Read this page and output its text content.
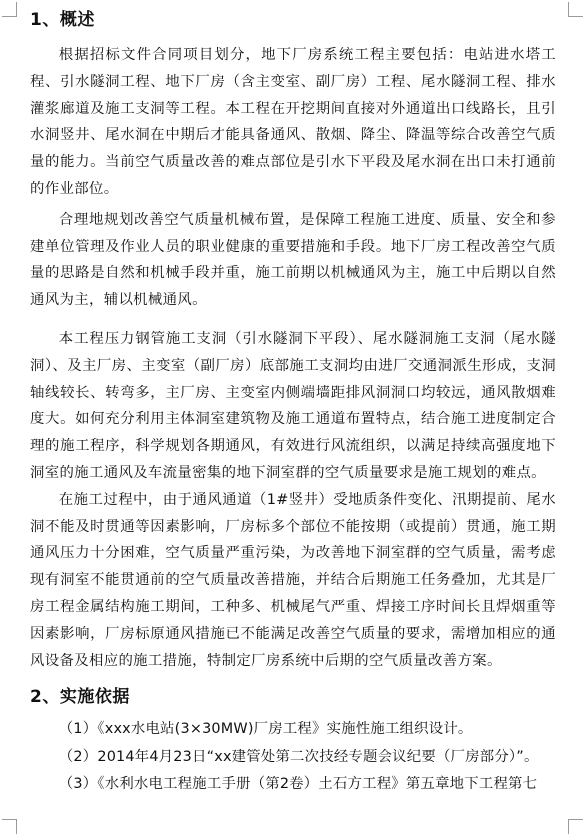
1、概述

根据招标文件合同项目划分，地下厂房系统工程主要包括：电站进水塔工程、引水隧洞工程、地下厂房（含主变室、副厂房）工程、尾水隧洞工程、排水灌浆廊道及施工支洞等工程。本工程在开挖期间直接对外通道出口线路长，且引水洞竖井、尾水洞在中期后才能具备通风、散烟、降尘、降温等综合改善空气质量的能力。当前空气质量改善的难点部位是引水下平段及尾水洞在出口未打通前的作业部位。

合理地规划改善空气质量机械布置，是保障工程施工进度、质量、安全和参建单位管理及作业人员的职业健康的重要措施和手段。地下厂房工程改善空气质量的思路是自然和机械手段并重，施工前期以机械通风为主，施工中后期以自然通风为主，辅以机械通风。

本工程压力钢管施工支洞（引水隧洞下平段）、尾水隧洞施工支洞（尾水隧洞）、及主厂房、主变室（副厂房）底部施工支洞均由进厂交通洞派生形成，支洞轴线较长、转弯多，主厂房、主变室内侧端墙距排风洞洞口均较远，通风散烟难度大。如何充分利用主体洞室建筑物及施工通道布置特点，结合施工进度制定合理的施工程序，科学规划各期通风，有效进行风流组织，以满足持续高强度地下洞室的施工通风及车流量密集的地下洞室群的空气质量要求是施工规划的难点。

在施工过程中，由于通风通道（1#竖井）受地质条件变化、汛期提前、尾水洞不能及时贯通等因素影响，厂房标多个部位不能按期（或提前）贯通，施工期通风压力十分困难，空气质量严重污染，为改善地下洞室群的空气质量，需考虑现有洞室不能贯通前的空气质量改善措施，并结合后期施工任务叠加，尤其是厂房工程金属结构施工期间，工种多、机械尾气严重、焊接工序时间长且焊烟重等因素影响，厂房标原通风措施已不能满足改善空气质量的要求，需增加相应的通风设备及相应的施工措施，特制定厂房系统中后期的空气质量改善方案。

2、实施依据
（1）《xxx水电站(3×30MW)厂房工程》实施性施工组织设计。
（2）2014年4月23日“xx建管处第二次技经专题会议纪要（厂房部分）”。
（3）《水利水电工程施工手册（第2卷）土石方工程》第五章地下工程第七
